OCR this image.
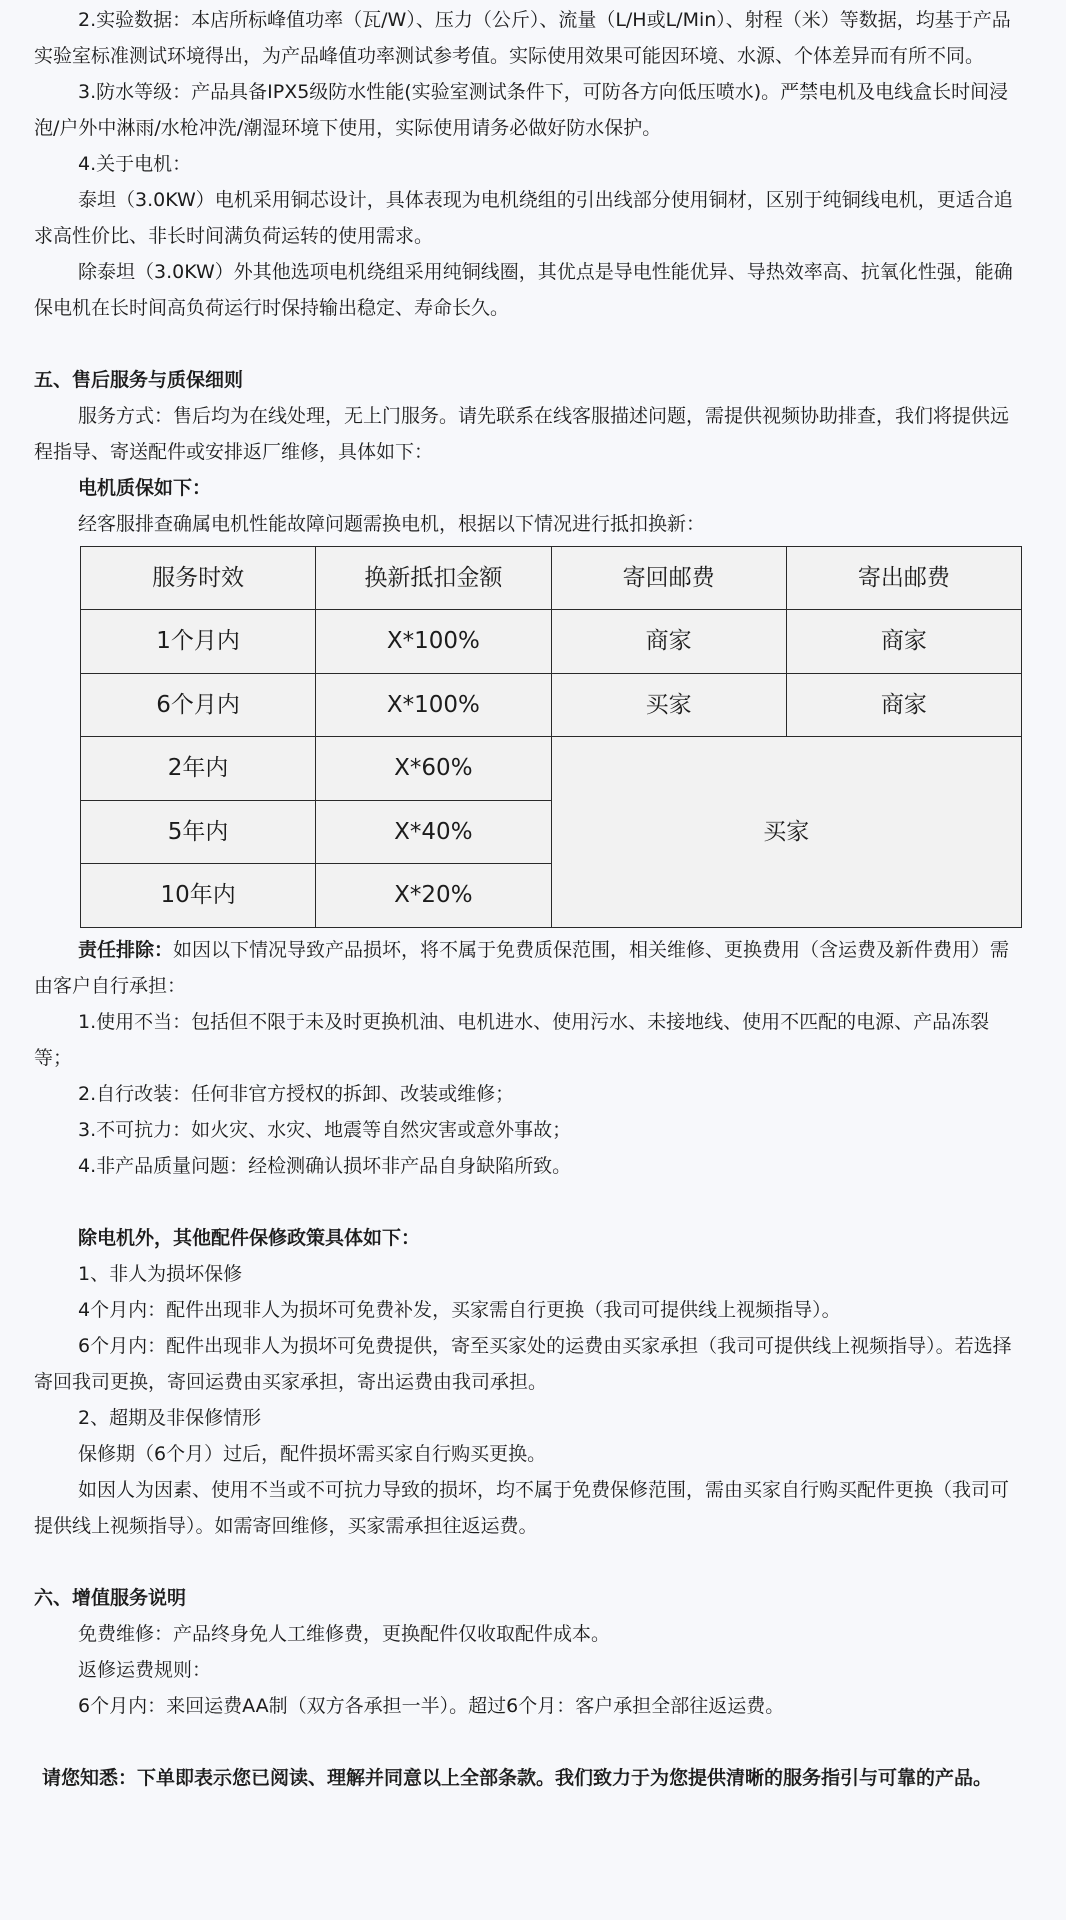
2.实验数据：本店所标峰值功率（瓦/W）、压力（公斤）、流量（L/H或L/Min）、射程（米）等数据，均基于产品实验室标准测试环境得出，为产品峰值功率测试参考值。实际使用效果可能因环境、水源、个体差异而有所不同。

3.防水等级：产品具备IPX5级防水性能(实验室测试条件下，可防各方向低压喷水)。严禁电机及电线盒长时间浸泡/户外中淋雨/水枪冲洗/潮湿环境下使用，实际使用请务必做好防水保护。

4.关于电机：

泰坦（3.0KW）电机采用铜芯设计，具体表现为电机绕组的引出线部分使用铜材，区别于纯铜线电机，更适合追求高性价比、非长时间满负荷运转的使用需求。

除泰坦（3.0KW）外其他选项电机绕组采用纯铜线圈，其优点是导电性能优异、导热效率高、抗氧化性强，能确保电机在长时间高负荷运行时保持输出稳定、寿命长久。

五、售后服务与质保细则

服务方式：售后均为在线处理，无上门服务。请先联系在线客服描述问题，需提供视频协助排查，我们将提供远程指导、寄送配件或安排返厂维修，具体如下：

电机质保如下：

经客服排查确属电机性能故障问题需换电机，根据以下情况进行抵扣换新：

服务时效	换新抵扣金额	寄回邮费	寄出邮费
1个月内	X*100%	商家	商家
6个月内	X*100%	买家	商家
2年内	X*60%	买家	
5年内	X*40%		
10年内	X*20%		

责任排除：如因以下情况导致产品损坏，将不属于免费质保范围，相关维修、更换费用（含运费及新件费用）需由客户自行承担：

1.使用不当：包括但不限于未及时更换机油、电机进水、使用污水、未接地线、使用不匹配的电源、产品冻裂等；

2.自行改装：任何非官方授权的拆卸、改装或维修；

3.不可抗力：如火灾、水灾、地震等自然灾害或意外事故；

4.非产品质量问题：经检测确认损坏非产品自身缺陷所致。

除电机外，其他配件保修政策具体如下：

1、非人为损坏保修

4个月内：配件出现非人为损坏可免费补发，买家需自行更换（我司可提供线上视频指导）。

6个月内：配件出现非人为损坏可免费提供，寄至买家处的运费由买家承担（我司可提供线上视频指导）。若选择寄回我司更换，寄回运费由买家承担，寄出运费由我司承担。

2、超期及非保修情形

保修期（6个月）过后，配件损坏需买家自行购买更换。

如因人为因素、使用不当或不可抗力导致的损坏，均不属于免费保修范围，需由买家自行购买配件更换（我司可提供线上视频指导）。如需寄回维修，买家需承担往返运费。

六、增值服务说明

免费维修：产品终身免人工维修费，更换配件仅收取配件成本。

返修运费规则：

6个月内：来回运费AA制（双方各承担一半）。超过6个月：客户承担全部往返运费。

请您知悉：下单即表示您已阅读、理解并同意以上全部条款。我们致力于为您提供清晰的服务指引与可靠的产品。
